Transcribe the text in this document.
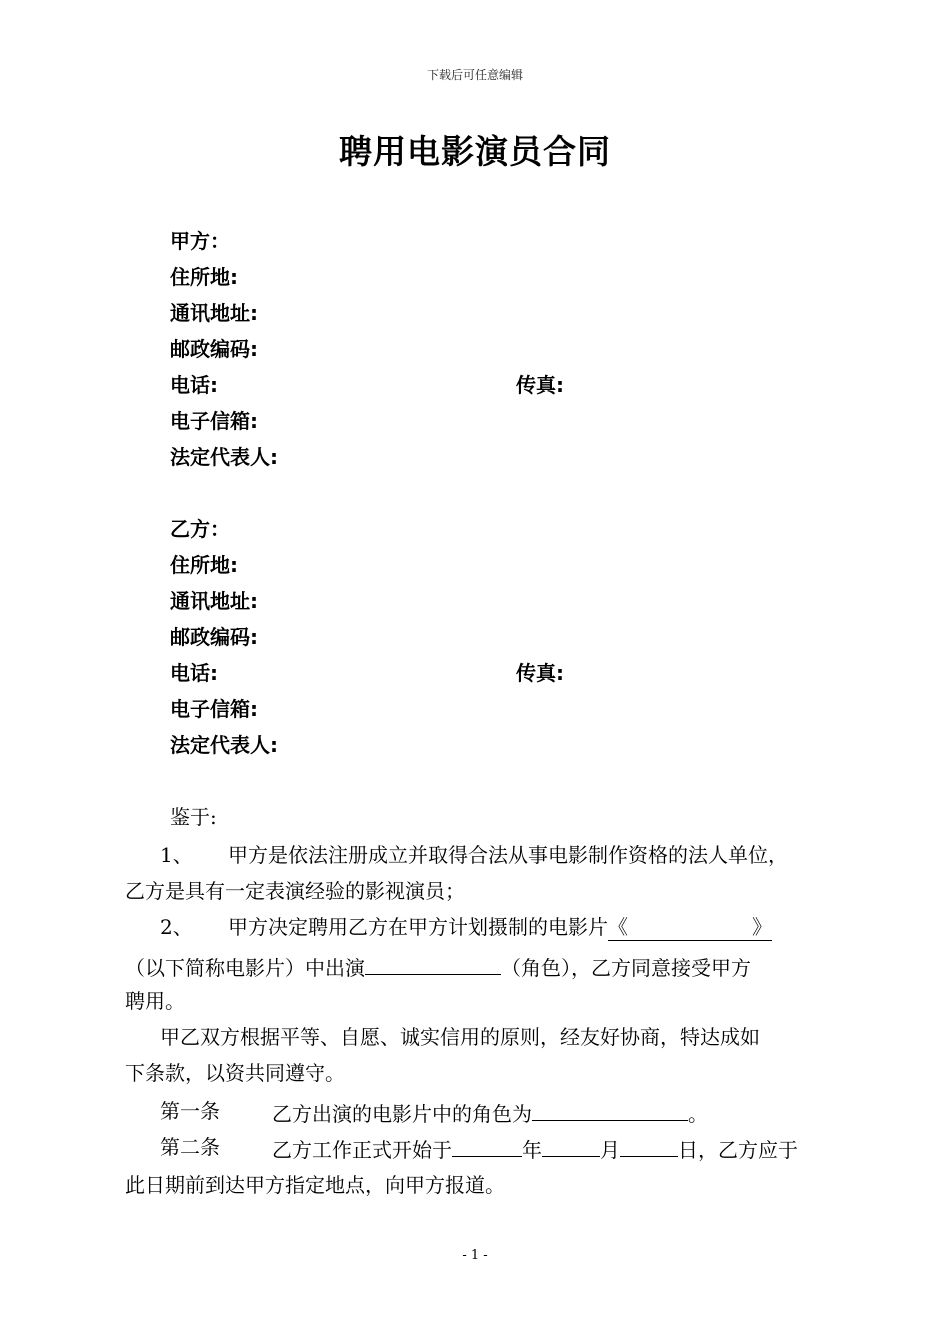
下载后可任意编辑
聘用电影演员合同
甲方：
住所地:
通讯地址:
邮政编码:
电话:	传真:
电子信箱:
法定代表人:
乙方：
住所地:
通讯地址:
邮政编码:
电话:	传真:
电子信箱:
法定代表人:
鉴于:
1、 甲方是依法注册成立并取得合法从事电影制作资格的法人单位，
乙方是具有一定表演经验的影视演员；
2、 甲方决定聘用乙方在甲方计划摄制的电影片《	》
（以下简称电影片）中出演	（角色），乙方同意接受甲方
聘用。
甲乙双方根据平等、自愿、诚实信用的原则，经友好协商，特达成如
下条款，以资共同遵守。
第一条	乙方出演的电影片中的角色为	。
第二条	乙方工作正式开始于	年	月	日，乙方应于
此日期前到达甲方指定地点，向甲方报道。
- 1 -
